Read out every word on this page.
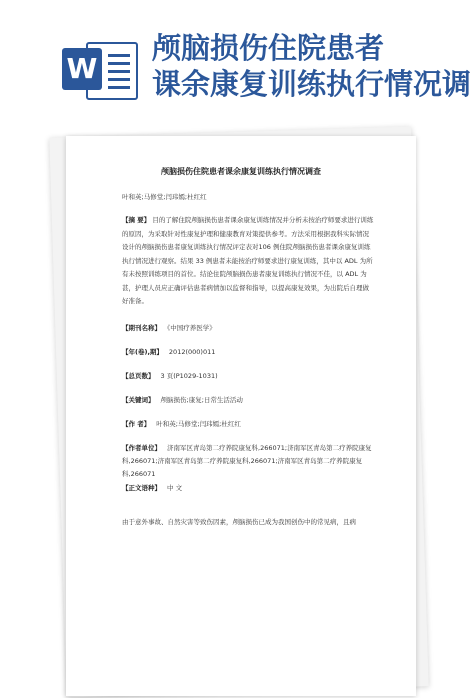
W
颅脑损伤住院患者
课余康复训练执行情况调
颅脑损伤住院患者课余康复训练执行情况调查
叶和英;马修堂;闫玮嫣;杜红红
【摘 要】 目的了解住院颅脑损伤患者课余康复训练情况并分析未按治疗师要求进行训练的原因，为采取针对性康复护理和健康教育对策提供参考。方法采用根据我科实际情况设计的颅脑损伤患者康复训练执行情况评定表对106 例住院颅脑损伤患者课余康复训练执行情况进行观察。结果 33 例患者未能按治疗师要求进行康复训练，其中以 ADL 为所有未按照训练项目的首位。结论住院颅脑损伤患者康复训练执行情况不佳，以 ADL 为甚，护理人员应正确评估患者病情加以监督和指导，以提高康复效果，为出院后自理做好准备。
【期刊名称】 《中国疗养医学》
【年(卷),期】 2012(000)011
【总页数】 3 页(P1029-1031)
【关键词】 颅脑损伤;康复;日常生活活动
【作 者】 叶和英;马修堂;闫玮嫣;杜红红
【作者单位】 济南军区青岛第二疗养院康复科,266071;济南军区青岛第二疗养院康复科,266071;济南军区青岛第二疗养院康复科,266071;济南军区青岛第二疗养院康复科,266071
【正文语种】 中 文
由于意外事故、自然灾害等致伤因素，颅脑损伤已成为我国创伤中的常见病，且病
